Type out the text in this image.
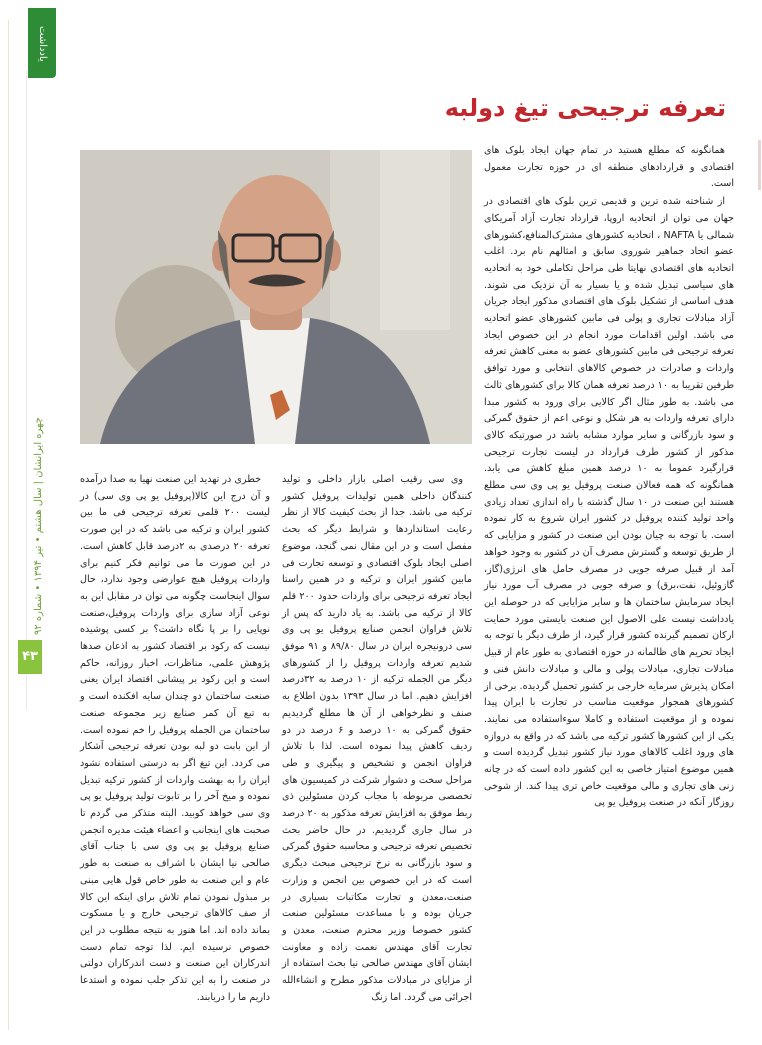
یادداشت میهمان
چهره ایرانشان | سال هشتم • تیر ۱۳۹۴ • شماره ۹۲
۴۳
تعرفه ترجیحی تیغ دولبه

همانگونه که مطلع هستید در تمام جهان ایجاد بلوک های اقتصادی و قراردادهای منطقه ای در حوزه تجارت معمول است.

از شناخته شده ترین و قدیمی ترین بلوک های اقتصادی در جهان می توان از اتحادیه اروپا، قرارداد تجارت آزاد آمریکای شمالی یا NAFTA ، اتحادیه کشورهای مشترک‌المنافع،کشورهای عضو اتحاد جماهیر شوروی سابق و امثالهم نام برد. اغلب اتحادیه های اقتصادی نهایتا طی مراحل تکاملی خود به اتحادیه های سیاسی تبدیل شده و یا بسیار به آن نزدیک می شوند. هدف اساسی از تشکیل بلوک های اقتصادی مذکور ایجاد جریان آزاد مبادلات تجاری و پولی فی مابین کشورهای عضو اتحادیه می باشد. اولین اقدامات مورد انجام در این خصوص ایجاد تعرفه ترجیحی فی مابین کشورهای عضو به معنی کاهش تعرفه واردات و صادرات در خصوص کالاهای انتخابی و مورد توافق طرفین تقریبا به ۱۰ درصد تعرفه همان کالا برای کشورهای ثالث می باشد. به طور مثال اگر کالایی برای ورود به کشور مبدا دارای تعرفه واردات به هر شکل و نوعی اعم از حقوق گمرکی و سود بازرگانی و سایر موارد مشابه باشد در صورتیکه کالای مذکور از کشور طرف قرارداد در لیست تجارت ترجیحی قرارگیرد عموما به ۱۰ درصد همین مبلغ کاهش می یابد. همانگونه که همه فعالان صنعت پروفیل یو پی وی سی مطلع هستند این صنعت در ۱۰ سال گذشته با راه اندازی تعداد زیادی واحد تولید کننده پروفیل در کشور ایران شروع به کار نموده است. با توجه به چیان بودن این صنعت در کشور و مزایایی که از طریق توسعه و گسترش مصرف آن در کشور به وجود خواهد آمد از قبیل صرفه جویی در مصرف حامل های انرژی(گاز، گازوئیل، نفت،برق) و صرفه جویی در مصرف آب مورد نیاز ایجاد سرمایش ساختمان ها و سایر مزایایی که در حوصله این یادداشت نیست علی الاصول این صنعت بایستی مورد حمایت ارکان تصمیم گیرنده کشور قرار گیرد، از طرف دیگر با توجه به ایجاد تحریم های ظالمانه در حوزه اقتصادی به طور عام از قبیل مبادلات تجاری، مبادلات پولی و مالی و مبادلات دانش فنی و امکان پذیرش سرمایه خارجی بر کشور تحمیل گردیده. برخی از کشورهای همجوار موقعیت مناسب در تجارت با ایران پیدا نموده و از موقعیت استفاده و کاملا سوءاستفاده می نمایند. یکی از این کشورها کشور ترکیه می باشد که در واقع به دروازه های ورود اغلب کالاهای مورد نیاز کشور تبدیل گردیده است و همین موضوع امتیاز خاصی به این کشور داده است که در چانه زنی های تجاری و مالی موقعیت خاص تری پیدا کند. از شوخی روزگار آنکه در صنعت پروفیل یو پی

وی سی رقیب اصلی بازار داخلی و تولید کنندگان داخلی همین تولیدات پروفیل کشور ترکیه می باشد. جدا از بحث کیفیت کالا از نظر رعایت استانداردها و شرایط دیگر که بحث مفصل است و در این مقال نمی گنجد، موضوع اصلی ایجاد بلوک اقتصادی و توسعه تجارت فی مابین کشور ایران و ترکیه و در همین راستا ایجاد تعرفه ترجیحی برای واردات حدود ۲۰۰ قلم کالا از ترکیه می باشد. به یاد دارید که پس از تلاش فراوان انجمن صنایع پروفیل یو پی وی سی درونیجره ایران در سال ۸۹/۸۰ و ۹۱ موفق شدیم تعرفه واردات پروفیل را از کشورهای دیگر من الجمله ترکیه از ۱۰ درصد به ۳۲درصد افزایش دهیم. اما در سال ۱۳۹۳ بدون اطلاع به صنف و نظرخواهی از آن ها مطلع گردیدیم حقوق گمرکی به ۱۰ درصد و ۶ درصد در دو ردیف کاهش پیدا نموده است. لذا با تلاش فراوان انجمن و تشخیص و پیگیری و طی مراحل سخت و دشوار شرکت در کمیسیون های تخصصی مربوطه با مجاب کردن مسئولین ذی ربط موفق به افزایش تعرفه مذکور به ۲۰ درصد در سال جاری گردیدیم. در حال حاضر بحث تخصیص تعرفه ترجیحی و محاسبه حقوق گمرکی و سود بازرگانی به نرخ ترجیحی مبحث دیگری است که در این خصوص بین انجمن و وزارت صنعت،معدن و تجارت مکاتبات بسیاری در جریان بوده و با مساعدت مسئولین صنعت کشور خصوصا وزیر محترم صنعت، معدن و تجارت آقای مهندس نعمت زاده و معاونت ایشان آقای مهندس صالحی نیا بحث استفاده از از مزایای در مبادلات مذکور مطرح و انشاءالله اجرائی می گردد. اما زنگ

خطری در تهدید این صنعت نهیا به صدا درآمده و آن درج این کالا(پروفیل یو پی وی سی) در لیست ۲۰۰ قلمی تعرفه ترجیحی فی ما بین کشور ایران و ترکیه می باشد که در این صورت تعرفه ۲۰ درصدی به ۲درصد قابل کاهش است. در این صورت ما می توانیم فکر کنیم برای واردات پروفیل هیچ عوارضی وجود ندارد، حال سوال اینجاست چگونه می توان در مقابل این به نوعی آزاد سازی برای واردات پروفیل،صنعت نوپایی را بر پا نگاه داشت؟ بر کسی پوشیده نیست که رکود بر اقتصاد کشور به اذعان صدها پژوهش علمی، مناظرات، اخبار روزانه، حاکم است و این رکود بر پیشانی اقتصاد ایران یعنی صنعت ساختمان دو چندان سایه افکنده است و به تبع آن کمر صنایع زیر مجموعه صنعت ساختمان من الجمله پروفیل را خم نموده است. از این بابت دو لبه بودن تعرفه ترجیحی آشکار می کردد. این تیغ اگر به درستی استفاده نشود ایران را به بهشت واردات از کشور ترکیه تبدیل نموده و میخ آخر را بر تابوت تولید پروفیل یو پی وی سی خواهد کوبید. البته متذکر می گردم تا صحبت های اینجانب و اعضاء هیئت مدیره انجمن صنایع پروفیل یو پی وی سی با جناب آقای صالحی نیا ایشان با اشراف به صنعت به طور عام و این صنعت به طور خاص قول هایی مبنی بر مبذول نمودن تمام تلاش برای اینکه این کالا از صف کالاهای ترجیحی خارج و یا مسکوت بماند داده اند. اما هنوز به نتیجه مطلوب در این خصوص نرسیده ایم. لذا توجه تمام دست اندرکاران این صنعت و دست اندرکاران دولتی در صنعت را به این تذکر جلب نموده و استدعا داریم ما را دریابند.
